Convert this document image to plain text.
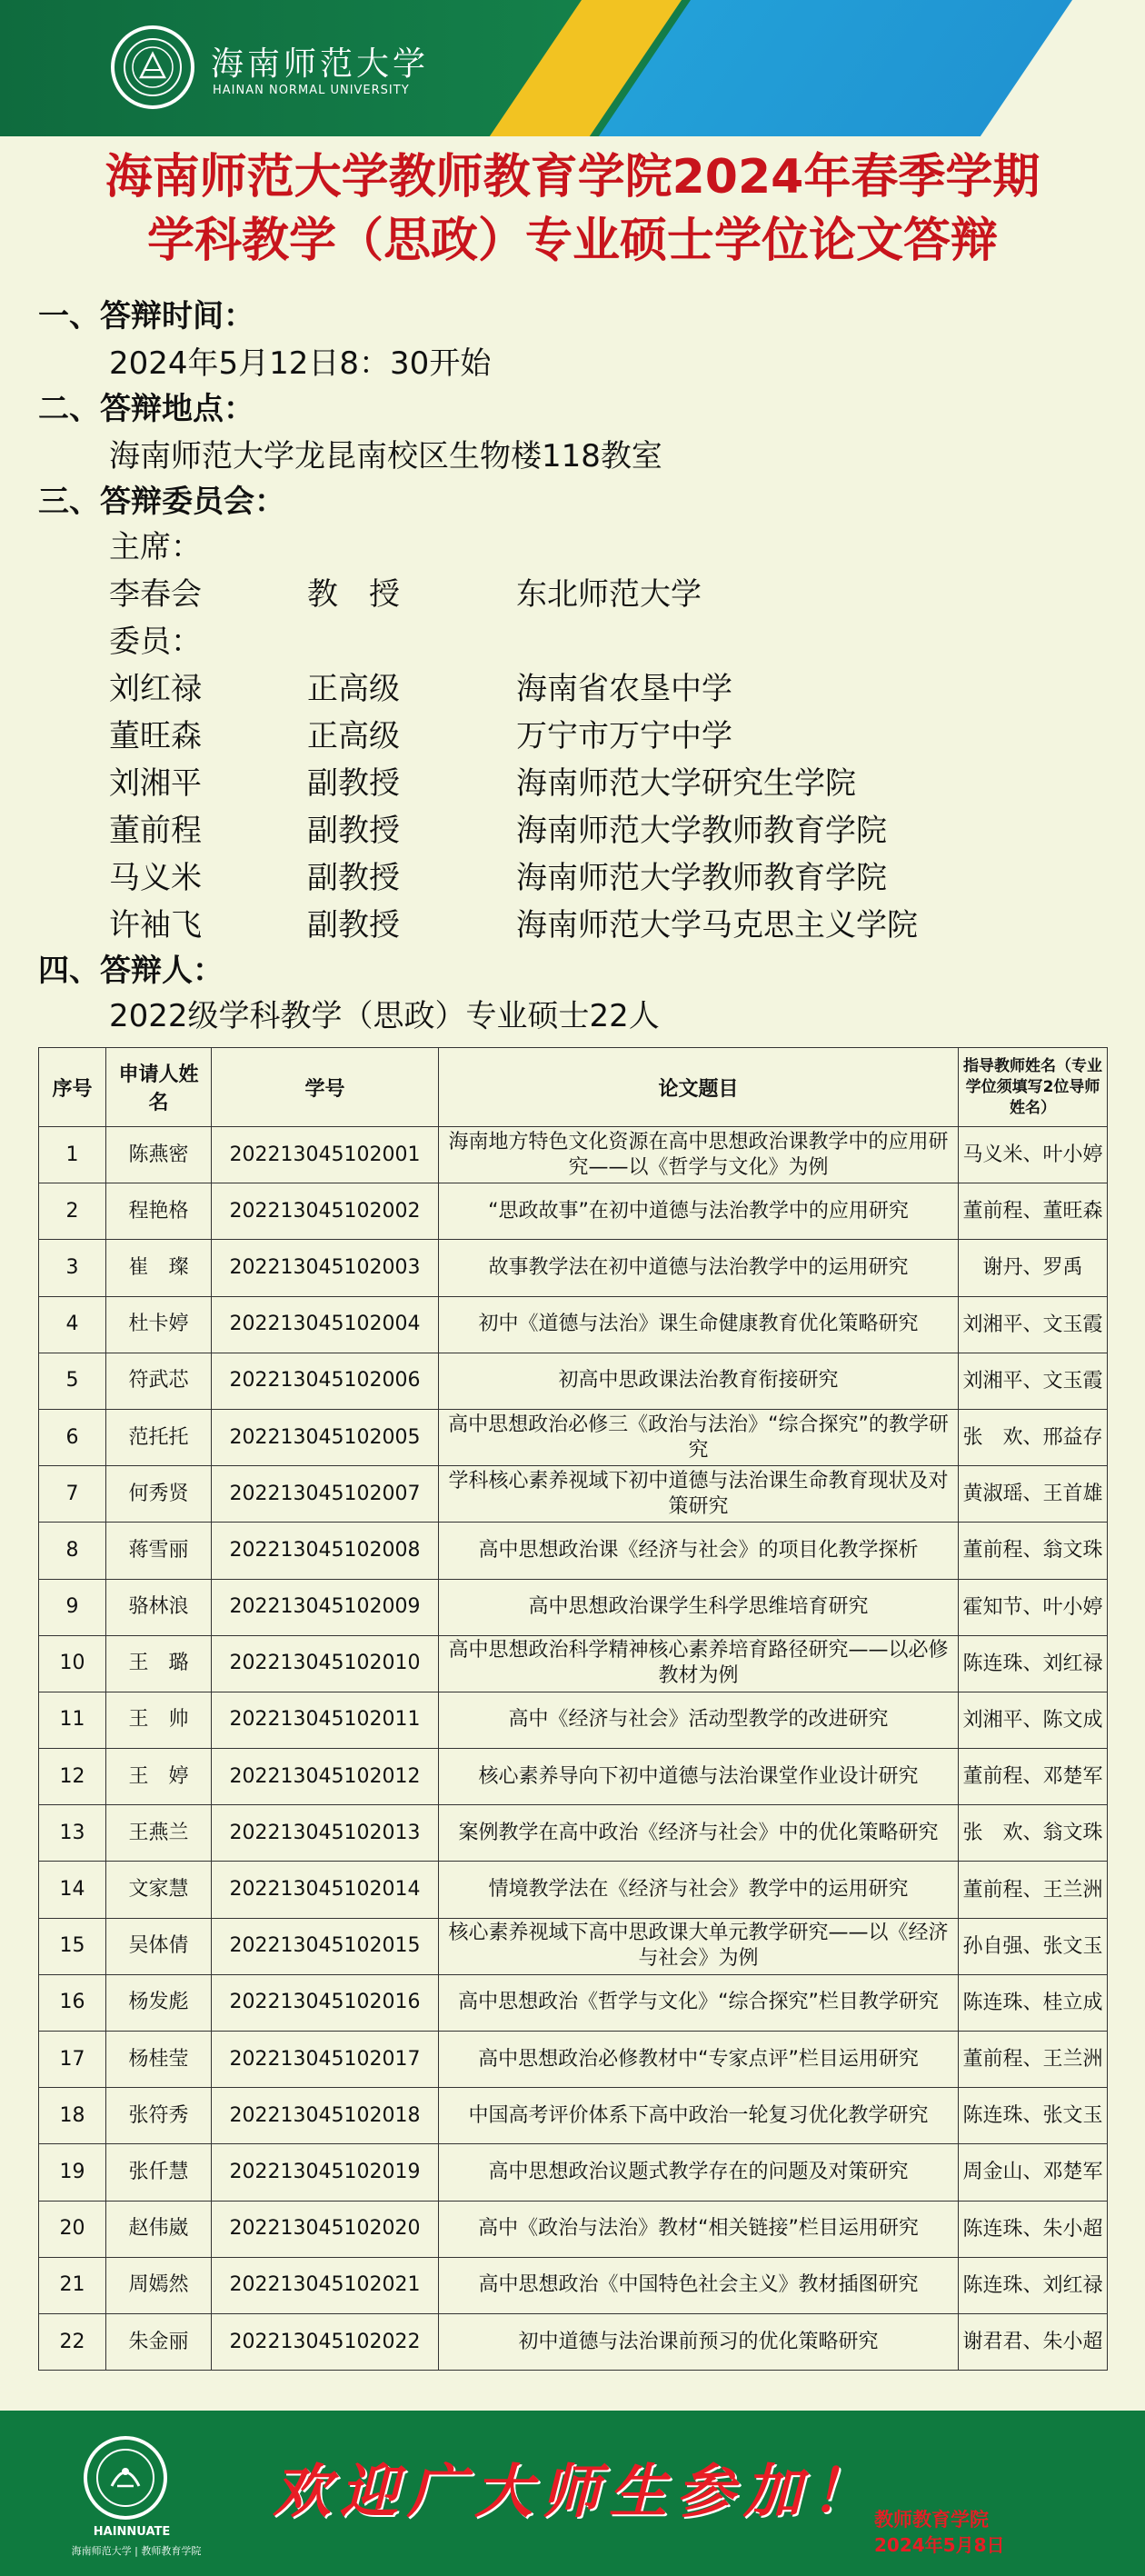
海南师范大学
HAINAN NORMAL UNIVERSITY
海南师范大学教师教育学院2024年春季学期
学科教学（思政）专业硕士学位论文答辩
一、答辩时间：
2024年5月12日8：30开始
二、答辩地点：
海南师范大学龙昆南校区生物楼118教室
三、答辩委员会：
主席：
李春会	教　授	东北师范大学
委员：
刘红禄	正高级	海南省农垦中学
董旺森	正高级	万宁市万宁中学
刘湘平	副教授	海南师范大学研究生学院
董前程	副教授	海南师范大学教师教育学院
马义米	副教授	海南师范大学教师教育学院
许袖飞	副教授	海南师范大学马克思主义学院
四、答辩人：
2022级学科教学（思政）专业硕士22人
序号	申请人姓名	学号	论文题目	指导教师姓名（专业学位须填写2位导师姓名）
1	陈燕密	202213045102001	海南地方特色文化资源在高中思想政治课教学中的应用研究——以《哲学与文化》为例	马义米、叶小婷
2	程艳格	202213045102002	“思政故事”在初中道德与法治教学中的应用研究	董前程、董旺森
3	崔　璨	202213045102003	故事教学法在初中道德与法治教学中的运用研究	谢丹、罗禹
4	杜卡婷	202213045102004	初中《道德与法治》课生命健康教育优化策略研究	刘湘平、文玉霞
5	符武芯	202213045102006	初高中思政课法治教育衔接研究	刘湘平、文玉霞
6	范托托	202213045102005	高中思想政治必修三《政治与法治》“综合探究”的教学研究	张　欢、邢益存
7	何秀贤	202213045102007	学科核心素养视域下初中道德与法治课生命教育现状及对策研究	黄淑瑶、王首雄
8	蒋雪丽	202213045102008	高中思想政治课《经济与社会》的项目化教学探析	董前程、翁文珠
9	骆林浪	202213045102009	高中思想政治课学生科学思维培育研究	霍知节、叶小婷
10	王　璐	202213045102010	高中思想政治科学精神核心素养培育路径研究——以必修教材为例	陈连珠、刘红禄
11	王　帅	202213045102011	高中《经济与社会》活动型教学的改进研究	刘湘平、陈文成
12	王　婷	202213045102012	核心素养导向下初中道德与法治课堂作业设计研究	董前程、邓楚军
13	王燕兰	202213045102013	案例教学在高中政治《经济与社会》中的优化策略研究	张　欢、翁文珠
14	文家慧	202213045102014	情境教学法在《经济与社会》教学中的运用研究	董前程、王兰洲
15	吴体倩	202213045102015	核心素养视域下高中思政课大单元教学研究——以《经济与社会》为例	孙自强、张文玉
16	杨发彪	202213045102016	高中思想政治《哲学与文化》“综合探究”栏目教学研究	陈连珠、桂立成
17	杨桂莹	202213045102017	高中思想政治必修教材中“专家点评”栏目运用研究	董前程、王兰洲
18	张符秀	202213045102018	中国高考评价体系下高中政治一轮复习优化教学研究	陈连珠、张文玉
19	张仟慧	202213045102019	高中思想政治议题式教学存在的问题及对策研究	周金山、邓楚军
20	赵伟崴	202213045102020	高中《政治与法治》教材“相关链接”栏目运用研究	陈连珠、朱小超
21	周嫣然	202213045102021	高中思想政治《中国特色社会主义》教材插图研究	陈连珠、刘红禄
22	朱金丽	202213045102022	初中道德与法治课前预习的优化策略研究	谢君君、朱小超
HAINNUATE
海南师范大学 | 教师教育学院
欢迎广大师生参加！
教师教育学院
2024年5月8日
